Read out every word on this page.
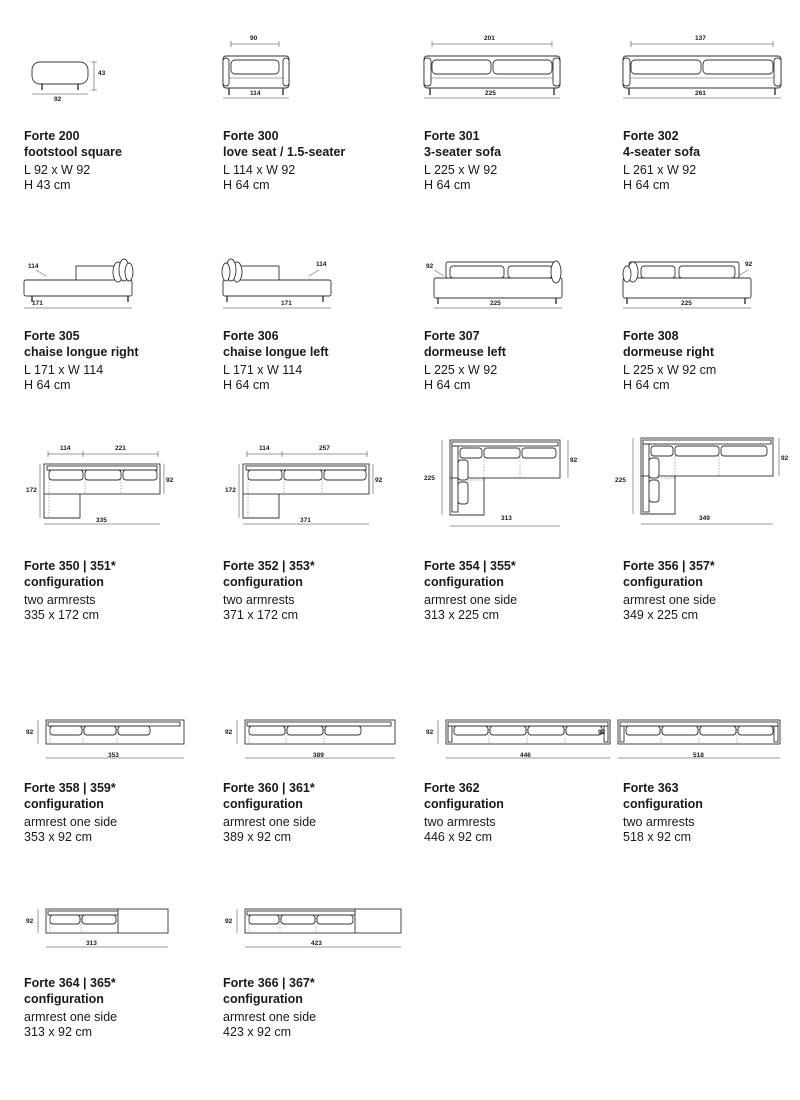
43
92
Forte 200
footstool square
L 92 x W 92
H 43 cm
90
114
Forte 300
love seat / 1.5-seater
L 114 x W 92
H 64 cm
201
225
Forte 301
3-seater sofa
L 225 x W 92
H 64 cm
137
261
Forte 302
4-seater sofa
L 261 x W 92
H 64 cm
114
171
Forte 305
chaise longue right
L 171 x W 114
H 64 cm
114
171
Forte 306
chaise longue left
L 171 x W 114
H 64 cm
92
225
Forte 307
dormeuse left
L 225 x W 92
H 64 cm
92
225
Forte 308
dormeuse right
L 225 x W 92 cm
H 64 cm
114	221
92
172
335
Forte 350 | 351*
configuration
two armrests
335 x 172 cm
114	257
92
172
371
Forte 352 | 353*
configuration
two armrests
371 x 172 cm
92
225
313
Forte 354 | 355*
configuration
armrest one side
313 x 225 cm
92
225
349
Forte 356 | 357*
configuration
armrest one side
349 x 225 cm
92
353
Forte 358 | 359*
configuration
armrest one side
353 x 92 cm
92
389
Forte 360 | 361*
configuration
armrest one side
389 x 92 cm
92
446
Forte 362
configuration
two armrests
446 x 92 cm
92
518
Forte 363
configuration
two armrests
518 x 92 cm
92
313
Forte 364 | 365*
configuration
armrest one side
313 x 92 cm
92
423
Forte 366 | 367*
configuration
armrest one side
423 x 92 cm
